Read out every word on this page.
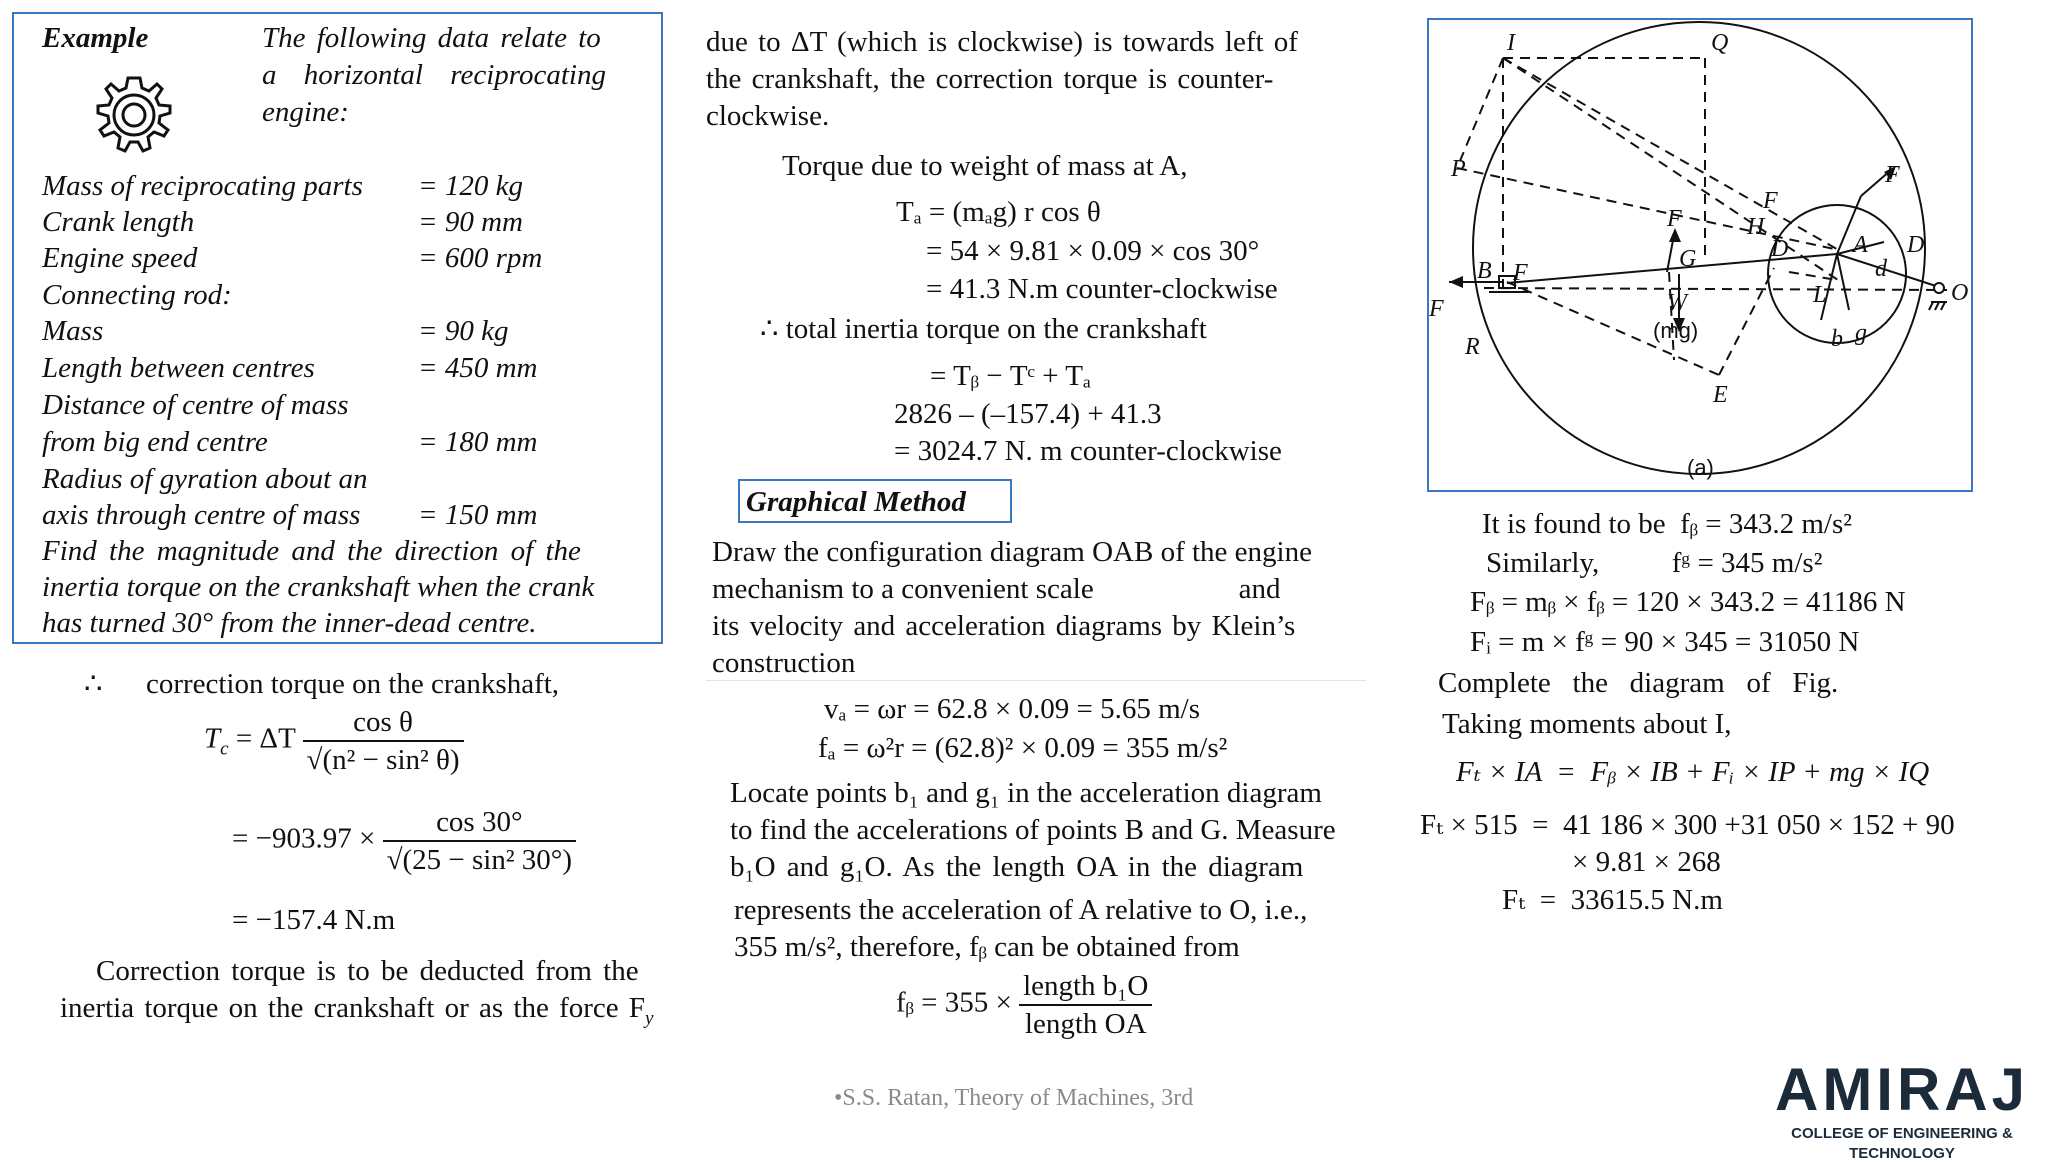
Example	The following data relate to
a horizontal reciprocating
engine:
Mass of reciprocating parts = 120 kg
Crank length	= 90 mm
Engine speed	= 600 rpm
Connecting rod:
Mass	= 90 kg
Length between centres	= 450 mm
Distance of centre of mass
from big end centre	= 180 mm
Radius of gyration about an
axis through centre of mass = 150 mm
Find the magnitude and the direction of the
inertia torque on the crankshaft when the crank
has turned 30° from the inner-dead centre.
∴      correction torque on the crankshaft,
$T_c = \Delta T \frac{\text{cos θ}}{\text{√(n² − sin² θ)}}$
= $-903.97 \times \frac{\cos 30^\circ}{\text{√(25 − sin² 30°)}}$
= −157.4 N.m
Correction torque is to be deducted from the
inertia torque on the crankshaft or as the force $F_y$
due to ΔT (which is clockwise) is towards left of
the crankshaft, the correction torque is counter-
clockwise.
Torque due to weight of mass at A,
Tₐ = (mₐg) r cos θ
= 54 × 9.81 × 0.09 × cos 30°
= 41.3 N.m counter-clockwise
∴ total inertia torque on the crankshaft
= Tᵦ − Tᶜ + Tₐ
2826 – (–157.4) + 41.3
= 3024.7 N. m counter-clockwise
Graphical Method
Draw the configuration diagram OAB of the engine
mechanism to a convenient scale                    and
its velocity and acceleration diagrams by Klein’s
construction
vₐ = ωr = 62.8 × 0.09 = 5.65 m/s
fₐ = ω²r = (62.8)² × 0.09 = 355 m/s²
Locate points b₁ and g₁ in the acceleration diagram
to find the accelerations of points B and G. Measure
b₁O and g₁O. As the length OA in the diagram
represents the acceleration of A relative to O, i.e.,
355 m/s², therefore, fᵦ can be obtained from
fᵦ = $355 \times \frac{\text{length b₁O}}{\text{length OA}}$
•S.S. Ratan, Theory of Machines, 3rd
I	Q
P
B F
F
R
W
(mg)
G
F
F
H
D	A D
d
O
F
b g
E
L
(a)
It is found to be  fᵦ = 343.2 m/s²
Similarly,          fᵍ = 345 m/s²
Fᵦ = mᵦ × fᵦ = 120 × 343.2 = 41186 N
Fᵢ = m × fᵍ = 90 × 345 = 31050 N
Complete   the   diagram   of   Fig.
Taking moments about I,
Fₜ × IA  =  Fᵦ × IB + Fᵢ × IP + mg × IQ
Fₜ × 515  =  41 186 × 300 +31 050 × 152 + 90
× 9.81 × 268
Fₜ  =  33615.5 N.m
AMIRAJ
COLLEGE OF ENGINEERING & TECHNOLOGY
